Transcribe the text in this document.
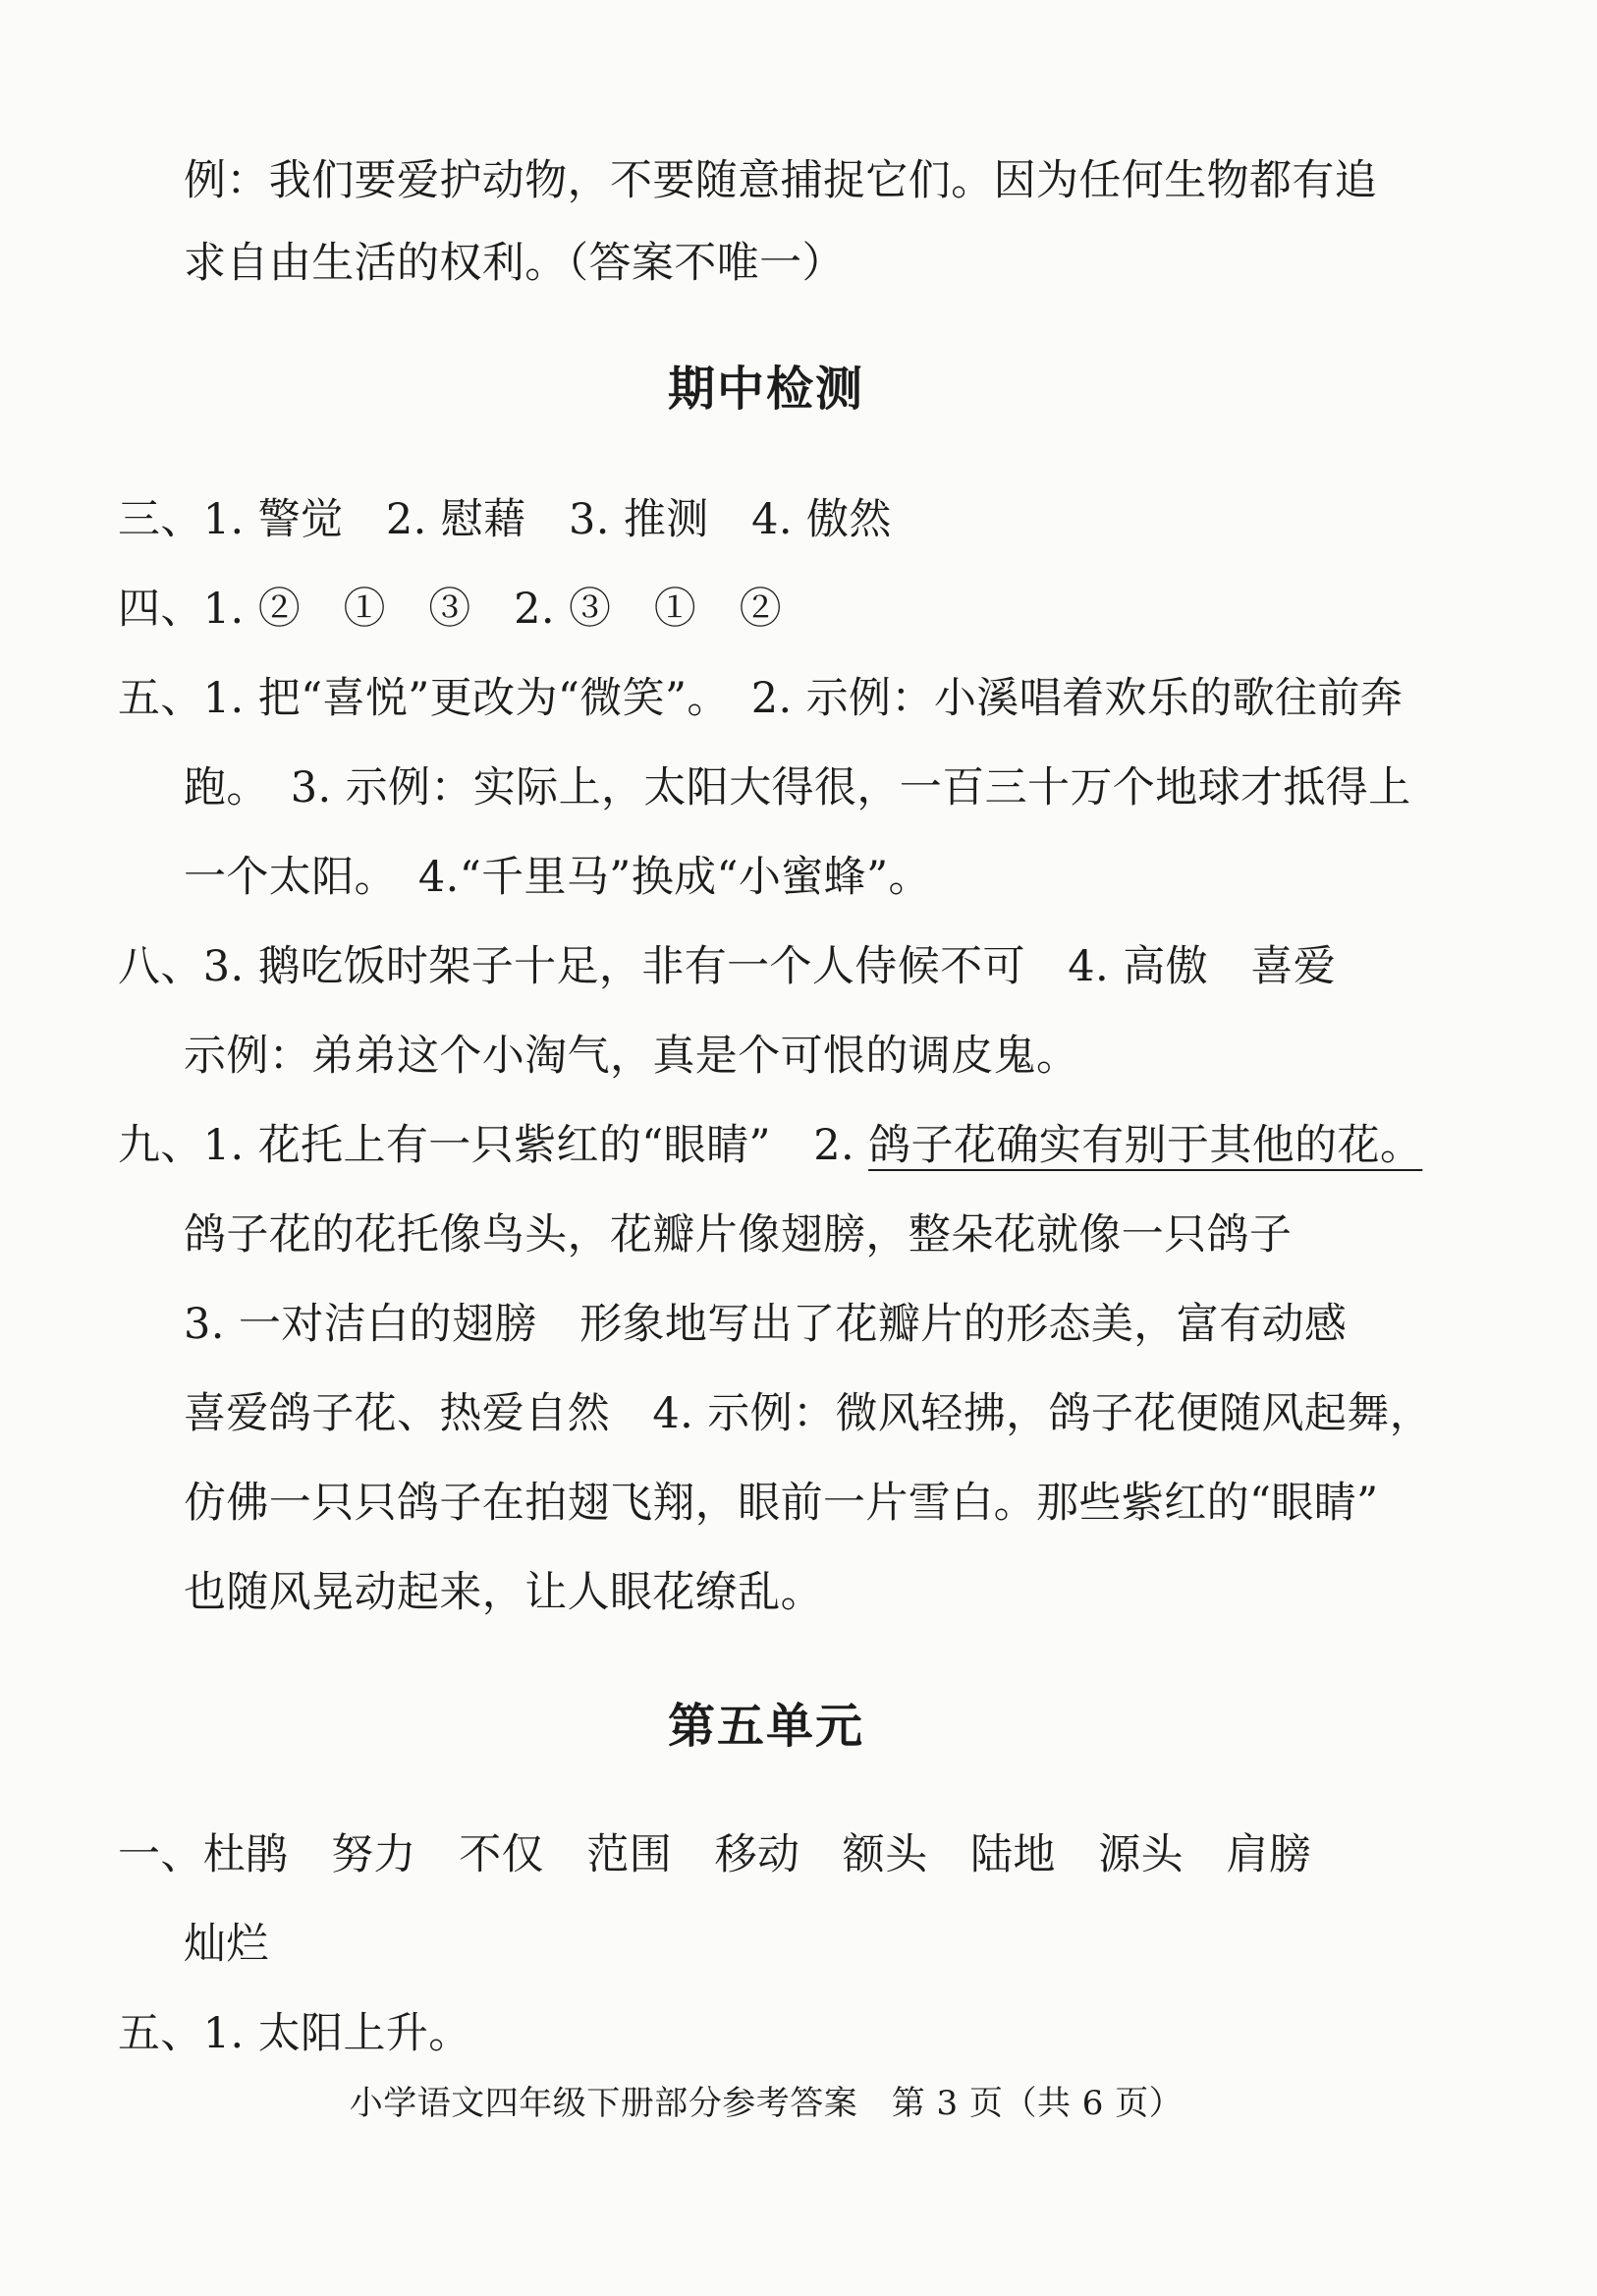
例：我们要爱护动物，不要随意捕捉它们。因为任何生物都有追
求自由生活的权利。（答案不唯一）
期中检测
三、1. 警觉　2. 慰藉　3. 推测　4. 傲然
四、1. ②　①　③　2. ③　①　②
五、1. 把“喜悦”更改为“微笑”。　2. 示例：小溪唱着欢乐的歌往前奔
跑。　3. 示例：实际上，太阳大得很，一百三十万个地球才抵得上
一个太阳。　4.“千里马”换成“小蜜蜂”。
八、3. 鹅吃饭时架子十足，非有一个人侍候不可　4. 高傲　喜爱
示例：弟弟这个小淘气，真是个可恨的调皮鬼。
九、1. 花托上有一只紫红的“眼睛”　2. 鸽子花确实有别于其他的花。
鸽子花的花托像鸟头，花瓣片像翅膀，整朵花就像一只鸽子
3. 一对洁白的翅膀　形象地写出了花瓣片的形态美，富有动感
喜爱鸽子花、热爱自然　4. 示例：微风轻拂，鸽子花便随风起舞，
仿佛一只只鸽子在拍翅飞翔，眼前一片雪白。那些紫红的“眼睛”
也随风晃动起来，让人眼花缭乱。
第五单元
一、杜鹃　努力　不仅　范围　移动　额头　陆地　源头　肩膀
灿烂
五、1. 太阳上升。
小学语文四年级下册部分参考答案　第 3 页（共 6 页）
